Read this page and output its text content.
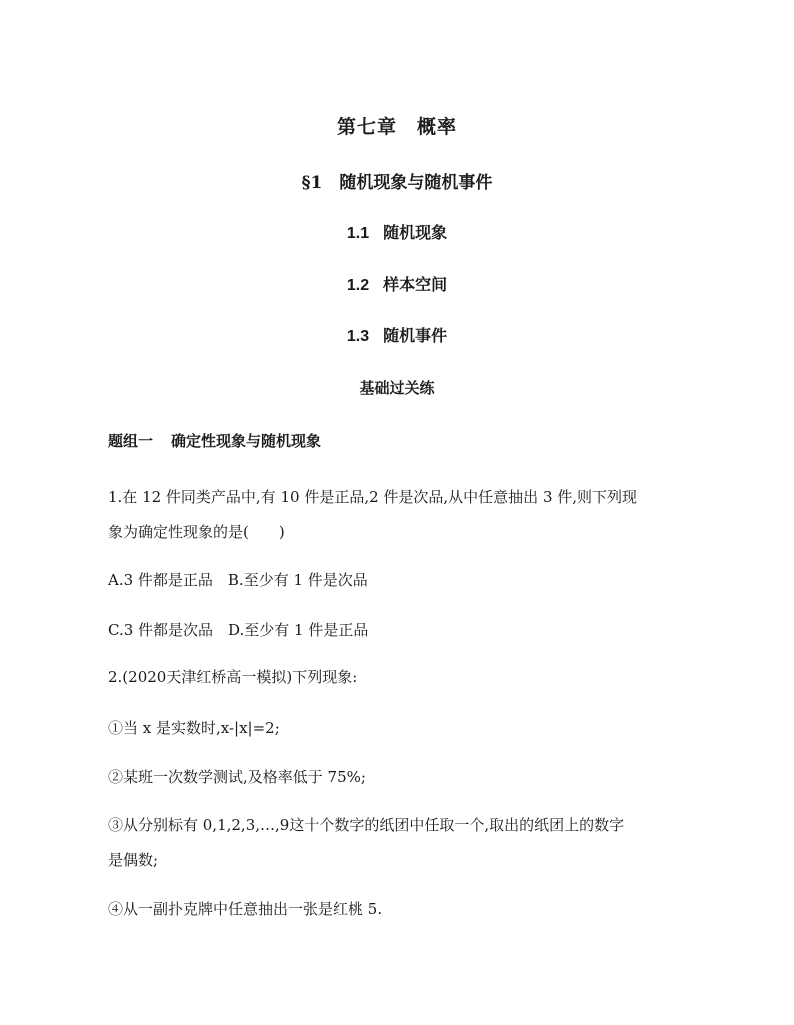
第七章　概率
§1　随机现象与随机事件
1.1 随机现象
1.2 样本空间
1.3 随机事件
基础过关练
题组一 确定性现象与随机现象
1.在 12 件同类产品中,有 10 件是正品,2 件是次品,从中任意抽出 3 件,则下列现
象为确定性现象的是(　　)
A.3 件都是正品　B.至少有 1 件是次品
C.3 件都是次品　D.至少有 1 件是正品
2.(2020天津红桥高一模拟)下列现象:
①当 x 是实数时,x-|x|=2;
②某班一次数学测试,及格率低于 75%;
③从分别标有 0,1,2,3,…,9这十个数字的纸团中任取一个,取出的纸团上的数字
是偶数;
④从一副扑克牌中任意抽出一张是红桃 5.
